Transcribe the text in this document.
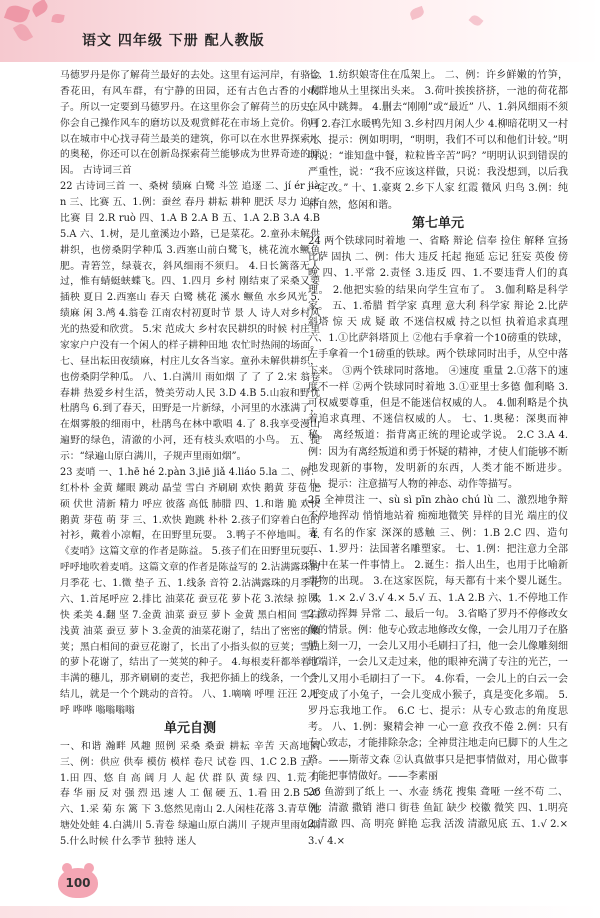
语文 四年级 下册 配人教版

马德罗丹是你了解荷兰最好的去处。这里有运河岸，有骆金香花田，有风车群，有宁静的田园，还有古色古香的小村子。所以一定要到马德罗丹。在这里你会了解荷兰的历史，你会自己操作风车的磨坊以及观赏鲜花在市场上竞价。你可以在城市中心找寻荷兰最美的建筑，你可以在水世界探索水的奥秘，你还可以在创新岛探索荷兰能够成为世界奇迹的原因。 古诗词三首

22 古诗词三首 一、桑树 绩麻 白鹭 斗笠 追逐 二、jí ér jiàn 三、比赛 五、1.例：蚕丝 春丹 耕耘 耕种 肥沃 尽力 迫害 比赛 目 2.R ruò 四、1.A B 2.A B 五、1.A 2.B 3.A 4.B 5.A 六、1.树，是儿童溪边小路，已是菜花。2.童孙未解供耕织，也傍桑阴学种瓜 3.西塞山前白鹭飞，桃花流水鳜鱼肥。青箬笠，绿蓑衣，斜风细雨不须归。 4.日长篱落无人过，惟有蜻蜓蛱蝶飞。四、1.四月 乡村 刚结束了采桑又要插秧 夏日 2.西塞山 春天 白鹭 桃花 溪水 鳜鱼 水乡风光 5.绩麻 闲 3.鸬 4.翁卷 江南农村初夏时节 景 人 诗人对乡村风光的热爱和欣赏。 5.宋 范成大 乡村农民耕织的时候 村庄里家家户户没有一个闲人的样子耕种田地 农忙时热闹的场面。 七、昼出耘田夜绩麻，村庄儿女各当家。童孙未解供耕织，也傍桑阴学种瓜。 八、1.白满川 雨如烟 了 了 了 2.宋 翁卷 春耕 热爱乡村生活，赞美劳动人民 3.D 4.B 5.山寂和野忧 杜鹃鸟 6.到了春天，田野是一片新绿，小河里的水涨满了，在烟雾般的细雨中，杜鹃鸟在林中歌唱 4.了 8.我享受漫山遍野的绿色，清澈的小河，还有枝头欢唱的小鸟。 五、提示：“绿遍山原白满川，子规声里雨如烟”。

23 麦哨 一、1.hē hé 2.pàn 3.jiē jiǎ 4.liáo 5.la 二、例：红朴朴 金黄 耀眼 跳动 晶莹 雪白 齐刷刷 欢快 鹅黄 芽苞 肥硕 伏世 清新 精力 呼应 彼落 高低 肺腊 四、1.和谐 脆 欢快 鹅黄 芽苞 萌 芽 三、1.欢快 跑跳 朴朴 2.孩子们穿着白色的衬衫，戴着小凉帽，在田野里玩耍。 3.鸭子不停地叫。 4.《麦哨》这篇文章的作者是陈益。 5.孩子们在田野里玩耍，呼呼地吹着麦哨。这篇文章的作者是陈益写的 2.沾满露珠的月季花 七、1.微 垫子 五、1.线条 音符 2.沾满露珠的月季花 六、1.首尾呼应 2.排比 油菜花 蚕豆花 萝卜花 3.浓绿 掠 欢快 柔美 4.翻 坚 7.金黄 油菜 蚕豆 萝卜 金黄 黑白相间 雪白 浅黄 油菜 蚕豆 萝卜 3.金黄的油菜花谢了，结出了密密的嫩荚；黑白相间的蚕豆花谢了，长出了小指头似的豆荚；雪白的萝卜花谢了，结出了一荚荚的种子。 4.每根麦秆都举着了丰满的穗儿，那齐刷刷的麦芒，我把你插上的线条，一个个结儿，就是一个个跳动的音符。 八、1.嘀嘀 呼哩 汪汪 2.呼呼 哗哗 嗡嗡嗡嗡

单元自测

一、和谐 瀚畔 风趣 照例 采桑 桑蚕 耕耘 辛苦 天高地阔 三、例：供应 供奉 模仿 模样 卷尺 试卷 四、1.C 2.B 五、1.田 四、悠 自 高 阔 月 人 起 伏 群 队 黄 绿 四、1.荒 月 春 华 丽 反 对 强 烈 迅 速 人 工 倔 硬 五、1.看 田 2.B 5.C 六、1.采 菊 东 篱 下 3.悠然见南山 2.人闲桂花落 3.青草 池塘处处蛙 4.白满川 5.青卷 绿遍山原白满川 子规声里雨如烟 5.什么时候 什么季节 独特 迷人

七、1.纺织娘寄住在瓜架上。 二、例：许乡鲜嫩的竹笋，成群地从土里探出头来。 3.荷叶挨挨挤挤，一池的荷花都在风中跳舞。 4.删去“刚刚”或“最近” 八、1.斜风细雨不须归 2.春江水暖鸭先知 3.乡村四月闲人少 4.柳暗花明又一村 九、提示：例如明明，“明明，我们不可以和他们计较。”明明说：“谁知盘中餐，粒粒皆辛苦”吗？”明明认识到错误的严重性，说：“我不应该这样做，只说：我没想到，以后我一定改。” 十、1.豪爽 2.乡下人家 红霞 微风 归鸟 3.例：纯朴自然，悠闲和谐。

第七单元

24 两个铁球同时着地 一、省略 辩论 信奉 捡住 解释 宣扬 比萨 固执 二、例：伟大 违反 托起 拖延 忘记 狂妄 英俊 傍晚 四、1.平常 2.责怪 3.违反 四、1.不要违背人们的真理。 2.他把实验的结果向学生宣布了。 3.伽利略是科学家。 五、1.希腊 哲学家 真理 意大利 科学家 辩论 2.比萨斜塔 惊 天 成 疑 敢 不迷信权威 持之以恒 执着追求真理 六、1.①比萨斜塔顶上 ②他右手拿着一个10磅重的铁球，左手拿着一个1磅重的铁球。两个铁球同时出手，从空中落下来。 ③两个铁球同时落地。 ④速度 重量 2.①落下的速度不一样 ②两个铁球同时着地 3.①亚里士多德 伽利略 3.可权威要尊重，但是不能迷信权威的人。 4.伽利略是个执着追求真理、不迷信权威的人。 七、1.奥秘：深奥而神秘。 离经叛道：指背离正统的理论或学说。 2.C 3.A 4.例：因为有离经叛道和勇于怀疑的精神，才使人们能够不断地发现新的事物，发明新的东西，人类才能不断进步。 八、提示：注意描写人物的神态、动作等描写。

25 全神贯注 一、sù sì pīn zhào chú lù 二、激烈地争辩 不停地挥动 悄悄地站着 痴痴地微笑 异样的目光 端庄的仪表 有名的作家 深深的感触 三、例：1.B 2.C 四、造句 五、1.罗丹：法国著名雕塑家。 七、1.例：把注意力全部集中在某一件事情上。 2.诞生：指人出生，也用于比喻新事物的出现。 3.在这家医院，每天都有十来个婴儿诞生。 四、1.× 2.√ 3.√ 4.× 5.√ 五、1.A 2.B 六、1.不停地工作 2.激动挥舞 异常 二、最后一句。 3.省略了罗丹不停修改女像的情景。例：他专心致志地修改女像，一会儿用刀子在胳膊上刻一刀，一会儿又用小毛刷扫了扫，他一会儿像雕刻细地端详，一会儿又走过来，他的眼神充满了专注的光芒，一会儿又用小毛刷扫了一下。 4.你看，一会儿上的白云一会儿变成了小兔子，一会儿变成小猴子，真是变化多端。 5.罗丹忘我地工作。 6.C 七、提示：从专心致志的角度思考。 八、1.例：聚精会神 一心一意 孜孜不倦 2.例：只有专心致志，才能排除杂念；全神贯注地走向已脚下的人生之路。——斯蒂文森 ②认真做事只是把事情做对，用心做事才能把事情做好。——李素丽

26 鱼游到了纸上 一、水壶 绣花 搜集 聋哑 一丝不苟 二、例：清澈 撒销 港口 街巷 鱼缸 缺少 校徽 微笑 四、1.明亮 2.清澈 四、高 明亮 鲜艳 忘我 活泼 清澈见底 五、1.√ 2.× 3.√ 4.×

100
